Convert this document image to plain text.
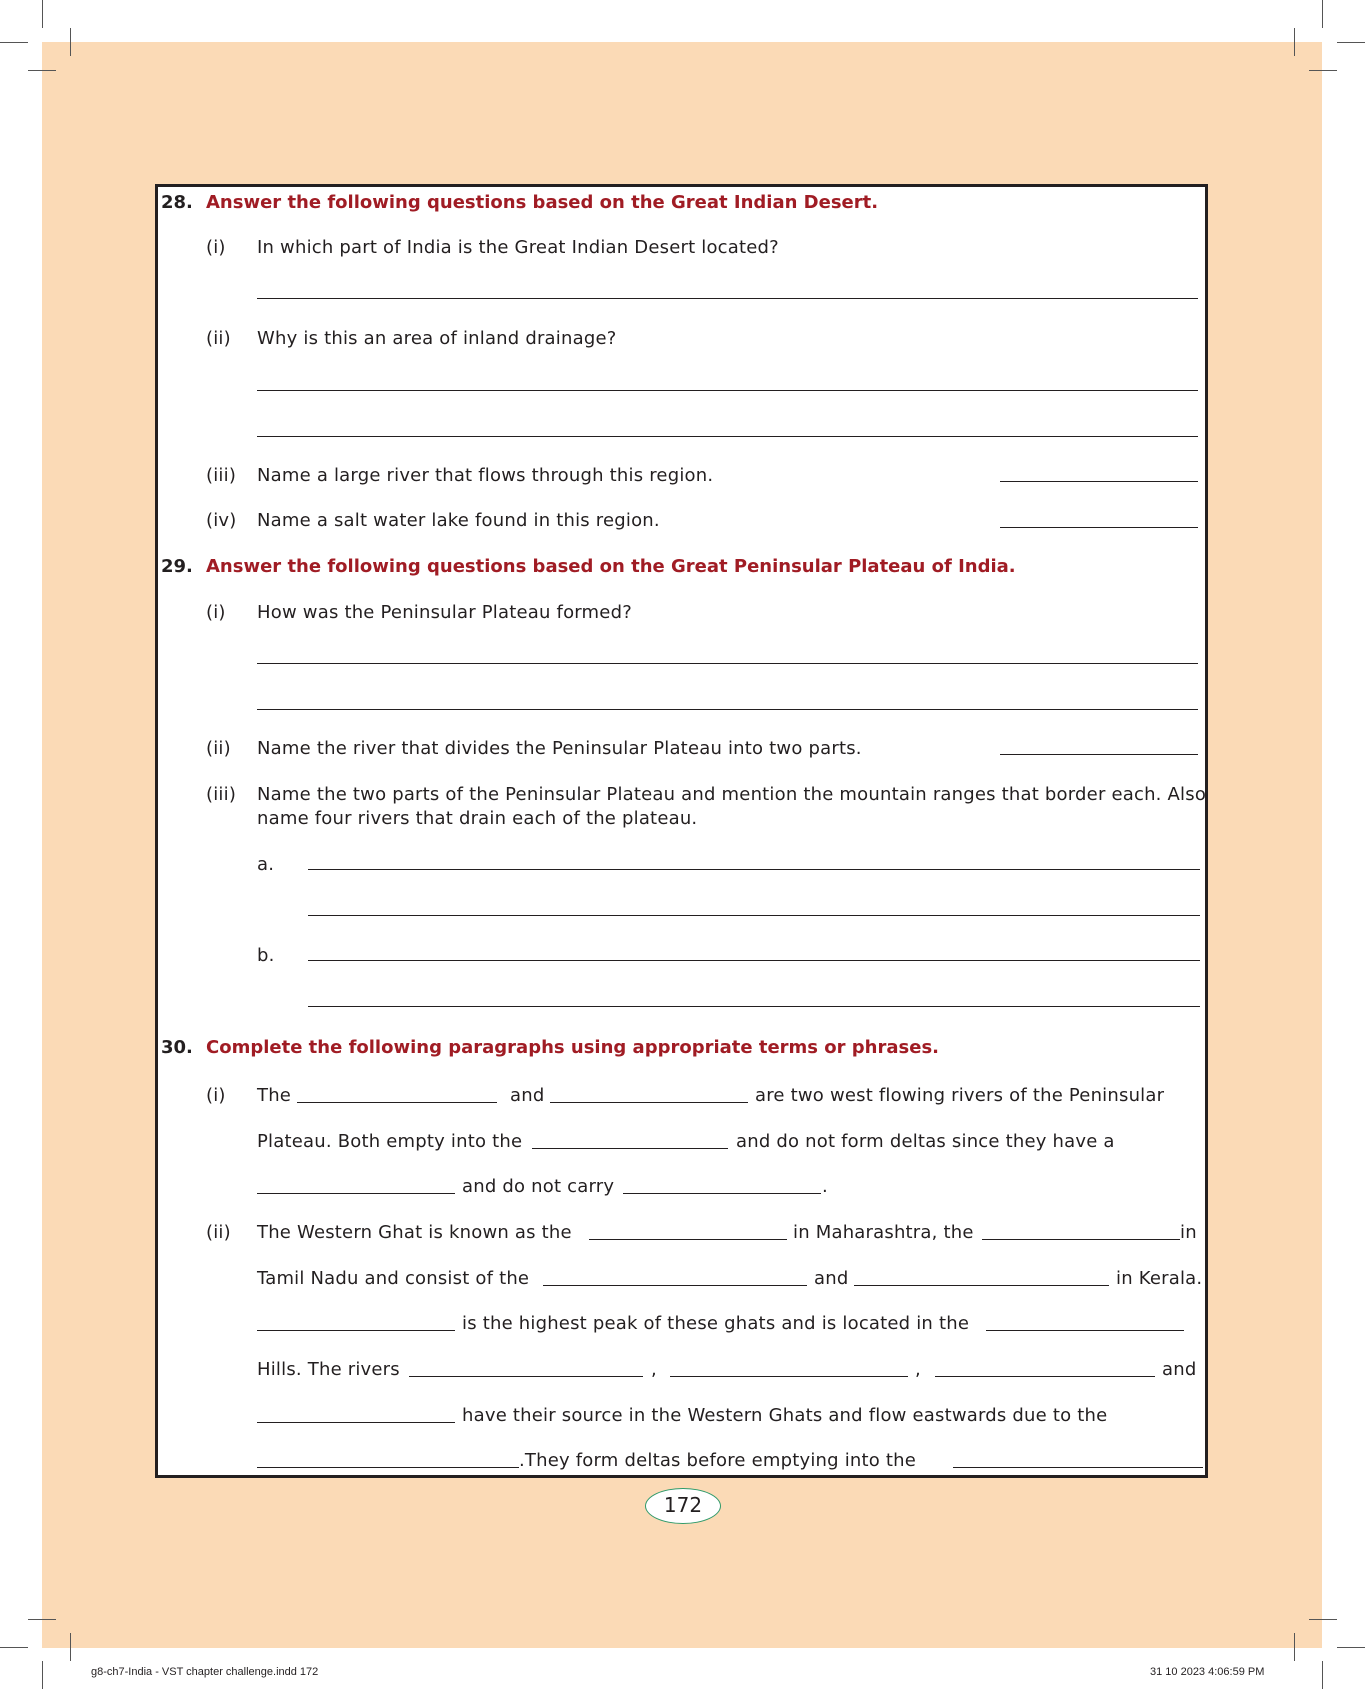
28. Answer the following questions based on the Great Indian Desert.
(i) In which part of India is the Great Indian Desert located?
(ii) Why is this an area of inland drainage?
(iii) Name a large river that flows through this region.
(iv) Name a salt water lake found in this region.
29. Answer the following questions based on the Great Peninsular Plateau of India.
(i) How was the Peninsular Plateau formed?
(ii) Name the river that divides the Peninsular Plateau into two parts.
(iii) Name the two parts of the Peninsular Plateau and mention the mountain ranges that border each. Also
name four rivers that drain each of the plateau.
a.
b.
30. Complete the following paragraphs using appropriate terms or phrases.
(i) The	and	are two west flowing rivers of the Peninsular
Plateau. Both empty into the	and do not form deltas since they have a
and do not carry	.
(ii) The Western Ghat is known as the	in Maharashtra, the	in
Tamil Nadu and consist of the	and	in Kerala.
is the highest peak of these ghats and is located in the
Hills. The rivers	,	,	and
have their source in the Western Ghats and flow eastwards due to the
.They form deltas before emptying into the
172
g8-ch7-India - VST chapter challenge.indd 172	31 10 2023 4:06:59 PM
